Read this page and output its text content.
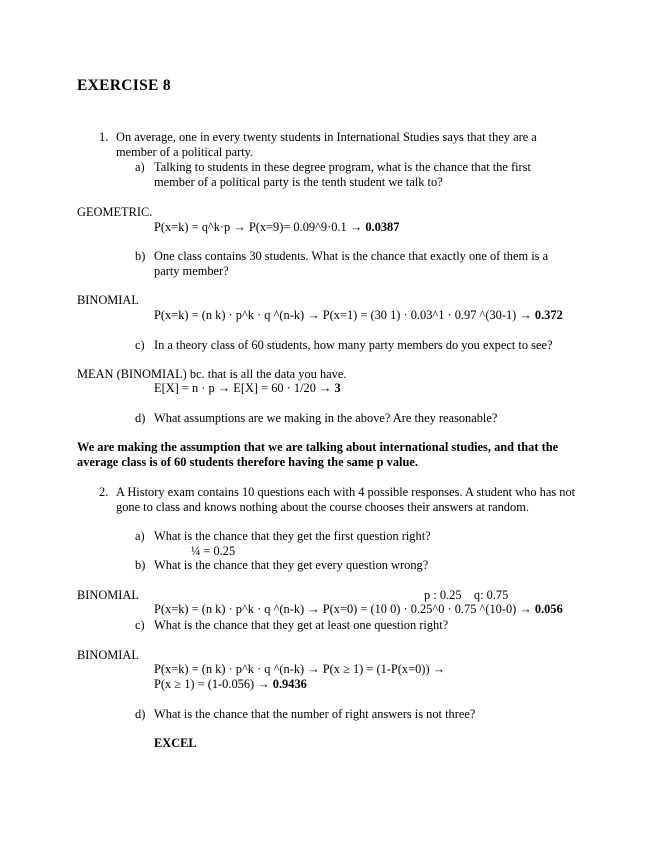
EXERCISE 8
1. On average, one in every twenty students in International Studies says that they are a member of a political party.
a) Talking to students in these degree program, what is the chance that the first member of a political party is the tenth student we talk to?
GEOMETRIC.
P(x=k) = q^k·p → P(x=9)= 0.09^9·0.1 → 0.0387
b) One class contains 30 students. What is the chance that exactly one of them is a party member?
BINOMIAL
P(x=k) = (n k) · p^k · q ^(n-k) → P(x=1) = (30 1) · 0.03^1 · 0.97 ^(30-1) → 0.372
c) In a theory class of 60 students, how many party members do you expect to see?
MEAN (BINOMIAL) bc. that is all the data you have.
E[X] = n · p → E[X] = 60 · 1/20 → 3
d) What assumptions are we making in the above? Are they reasonable?
We are making the assumption that we are talking about international studies, and that the average class is of 60 students therefore having the same p value.
2. A History exam contains 10 questions each with 4 possible responses. A student who has not gone to class and knows nothing about the course chooses their answers at random.
a) What is the chance that they get the first question right?
¼ = 0.25
b) What is the chance that they get every question wrong?
BINOMIAL	p : 0.25    q: 0.75
P(x=k) = (n k) · p^k · q ^(n-k) → P(x=0) = (10 0) · 0.25^0 · 0.75 ^(10-0) → 0.056
c) What is the chance that they get at least one question right?
BINOMIAL
P(x=k) = (n k) · p^k · q ^(n-k) → P(x ≥ 1) = (1-P(x=0)) →
P(x ≥ 1) = (1-0.056) → 0.9436
d) What is the chance that the number of right answers is not three?
EXCEL
